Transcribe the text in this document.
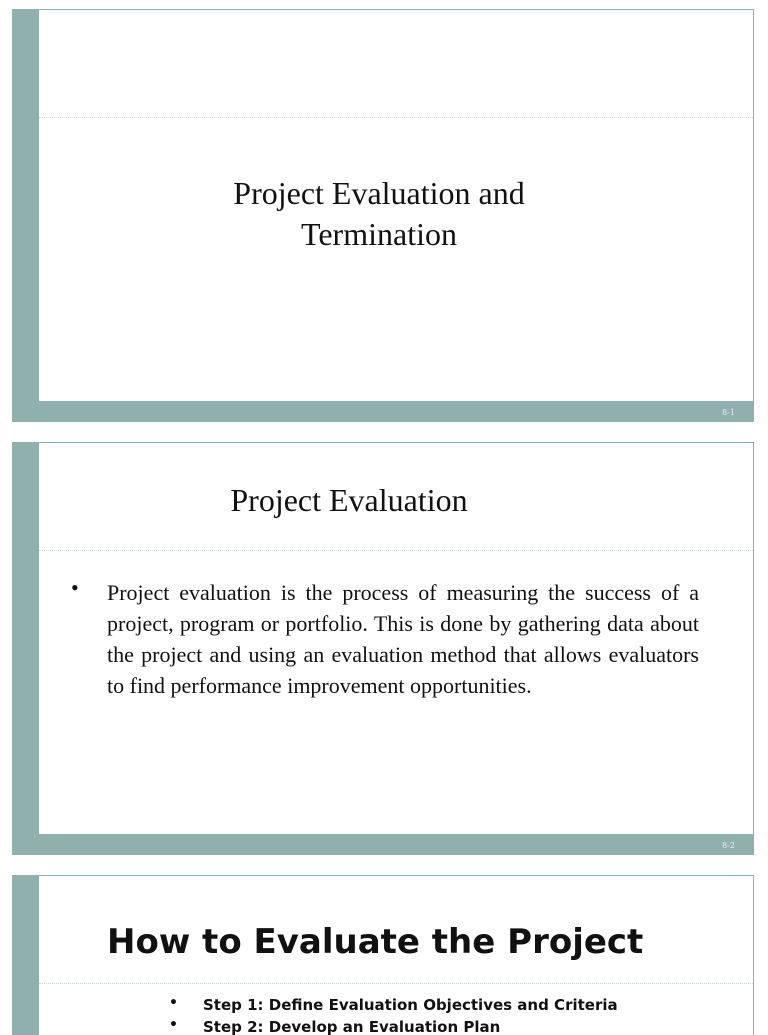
Project Evaluation and
Termination
8-1
Project Evaluation
• Project evaluation is the process of measuring the success of a project, program or portfolio. This is done by gathering data about the project and using an evaluation method that allows evaluators to find performance improvement opportunities.

8-2
How to Evaluate the Project
• Step 1: Define Evaluation Objectives and Criteria
• Step 2: Develop an Evaluation Plan
